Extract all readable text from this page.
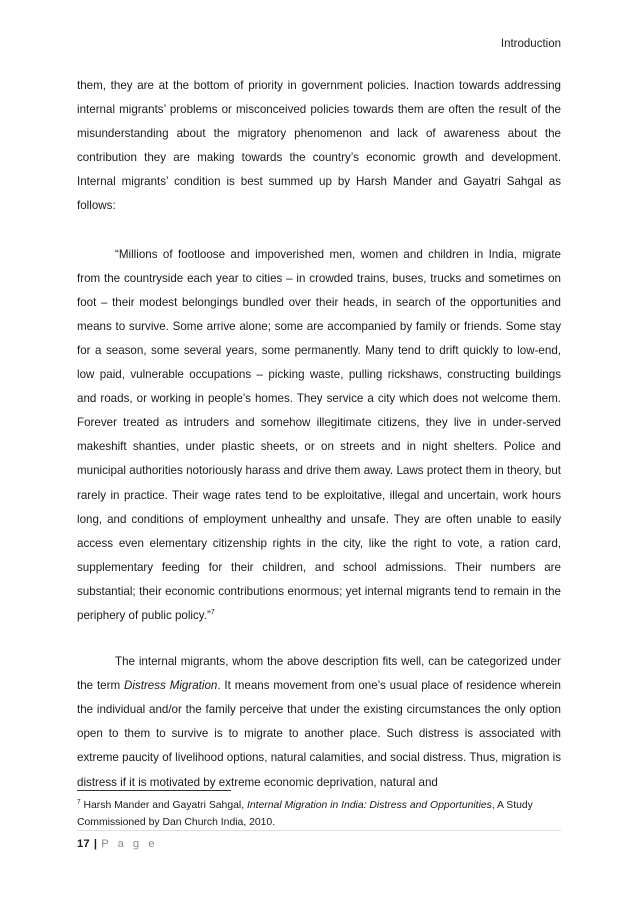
Introduction

them, they are at the bottom of priority in government policies. Inaction towards addressing internal migrants’ problems or misconceived policies towards them are often the result of the misunderstanding about the migratory phenomenon and lack of awareness about the contribution they are making towards the country’s economic growth and development. Internal migrants’ condition is best summed up by Harsh Mander and Gayatri Sahgal as follows:

“Millions of footloose and impoverished men, women and children in India, migrate from the countryside each year to cities – in crowded trains, buses, trucks and sometimes on foot – their modest belongings bundled over their heads, in search of the opportunities and means to survive. Some arrive alone; some are accompanied by family or friends. Some stay for a season, some several years, some permanently. Many tend to drift quickly to low-end, low paid, vulnerable occupations – picking waste, pulling rickshaws, constructing buildings and roads, or working in people’s homes. They service a city which does not welcome them. Forever treated as intruders and somehow illegitimate citizens, they live in under-served makeshift shanties, under plastic sheets, or on streets and in night shelters. Police and municipal authorities notoriously harass and drive them away. Laws protect them in theory, but rarely in practice. Their wage rates tend to be exploitative, illegal and uncertain, work hours long, and conditions of employment unhealthy and unsafe. They are often unable to easily access even elementary citizenship rights in the city, like the right to vote, a ration card, supplementary feeding for their children, and school admissions. Their numbers are substantial; their economic contributions enormous; yet internal migrants tend to remain in the periphery of public policy.”$^7$

The internal migrants, whom the above description fits well, can be categorized under the term Distress Migration. It means movement from one’s usual place of residence wherein the individual and/or the family perceive that under the existing circumstances the only option open to them to survive is to migrate to another place. Such distress is associated with extreme paucity of livelihood options, natural calamities, and social distress. Thus, migration is distress if it is motivated by extreme economic deprivation, natural and

$^7$ Harsh Mander and Gayatri Sahgal, Internal Migration in India: Distress and Opportunities, A Study Commissioned by Dan Church India, 2010.
17 | P a g e
